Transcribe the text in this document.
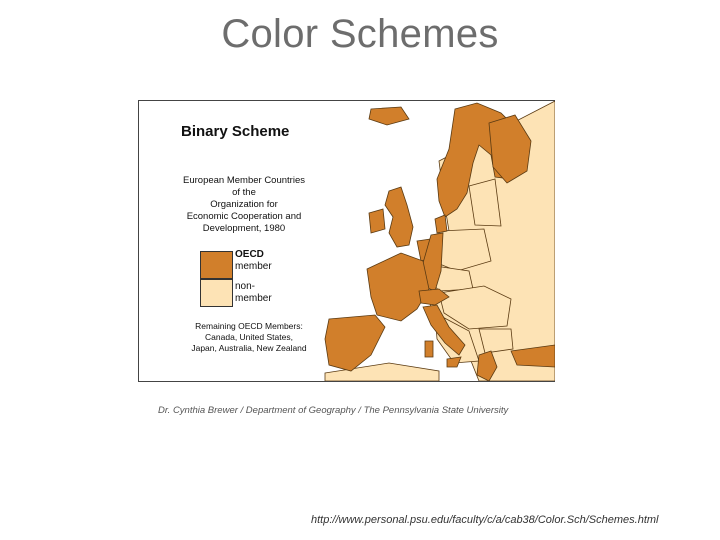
Color Schemes
Binary Scheme
European Member Countries
of the
Organization for
Economic Cooperation and
Development, 1980
OECD
member
non-
member
Remaining OECD Members:
Canada, United States,
Japan, Australia, New Zealand
Dr. Cynthia Brewer / Department of Geography / The Pennsylvania State University
http://www.personal.psu.edu/faculty/c/a/cab38/Color.Sch/Schemes.html
